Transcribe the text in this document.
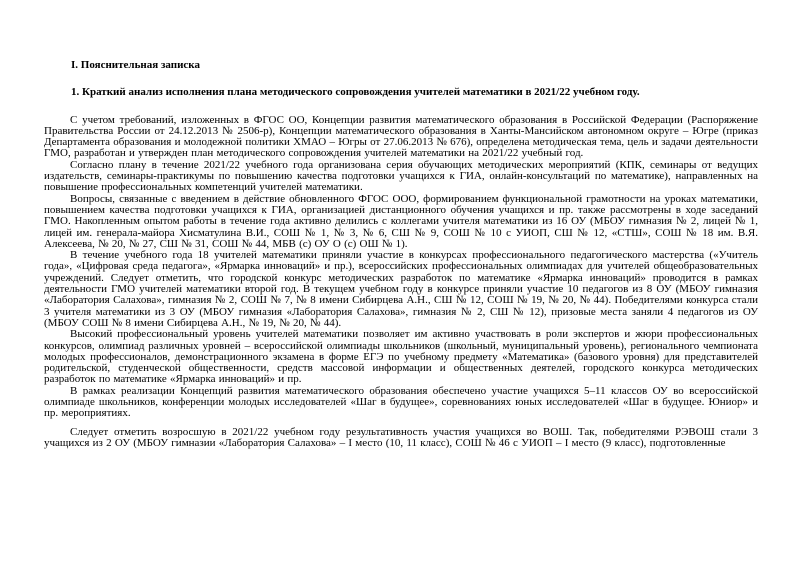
I. Пояснительная записка

1. Краткий анализ исполнения плана методического сопровождения учителей математики в 2021/22 учебном году.

С учетом требований, изложенных в ФГОС ОО, Концепции развития математического образования в Российской Федерации (Распоряжение Правительства России от 24.12.2013 № 2506-р), Концепции математического образования в Ханты-Мансийском автономном округе – Югре (приказ Департамента образования и молодежной политики ХМАО – Югры от 27.06.2013 № 676), определена методическая тема, цель и задачи деятельности ГМО, разработан и утвержден план методического сопровождения учителей математики на 2021/22 учебный год.

Согласно плану в течение 2021/22 учебного года организована серия обучающих методических мероприятий (КПК, семинары от ведущих издательств, семинары-практикумы по повышению качества подготовки учащихся к ГИА, онлайн-консультаций по математике), направленных на повышение профессиональных компетенций учителей математики.

Вопросы, связанные с введением в действие обновленного ФГОС ООО, формированием функциональной грамотности на уроках математики, повышением качества подготовки учащихся к ГИА, организацией дистанционного обучения учащихся и пр. также рассмотрены в ходе заседаний ГМО. Накопленным опытом работы в течение года активно делились с коллегами учителя математики из 16 ОУ (МБОУ гимназия № 2, лицей № 1, лицей им. генерала-майора Хисматулина В.И., СОШ № 1, № 3, № 6, СШ № 9, СОШ № 10 с УИОП, СШ № 12, «СТШ», СОШ № 18 им. В.Я. Алексеева, № 20, № 27, СШ № 31, СОШ № 44, МБВ (с) ОУ О (с) ОШ № 1).

В течение учебного года 18 учителей математики приняли участие в конкурсах профессионального педагогического мастерства («Учитель года», «Цифровая среда педагога», «Ярмарка инноваций» и пр.), всероссийских профессиональных олимпиадах для учителей общеобразовательных учреждений. Следует отметить, что городской конкурс методических разработок по математике «Ярмарка инноваций» проводится в рамках деятельности ГМО учителей математики второй год. В текущем учебном году в конкурсе приняли участие 10 педагогов из 8 ОУ (МБОУ гимназия «Лаборатория Салахова», гимназия № 2, СОШ № 7, № 8 имени Сибирцева А.Н., СШ № 12, СОШ № 19, № 20, № 44). Победителями конкурса стали 3 учителя математики из 3 ОУ (МБОУ гимназия «Лаборатория Салахова», гимназия № 2, СШ № 12), призовые места заняли 4 педагогов из ОУ (МБОУ СОШ № 8 имени Сибирцева А.Н., № 19, № 20, № 44).

Высокий профессиональный уровень учителей математики позволяет им активно участвовать в роли экспертов и жюри профессиональных конкурсов, олимпиад различных уровней – всероссийской олимпиады школьников (школьный, муниципальный уровень), регионального чемпионата молодых профессионалов, демонстрационного экзамена в форме ЕГЭ по учебному предмету «Математика» (базового уровня) для представителей родительской, студенческой общественности, средств массовой информации и общественных деятелей, городского конкурса методических разработок по математике «Ярмарка инноваций» и пр.

В рамках реализации Концепций развития математического образования обеспечено участие учащихся 5–11 классов ОУ во всероссийской олимпиаде школьников, конференции молодых исследователей «Шаг в будущее», соревнованиях юных исследователей «Шаг в будущее. Юниор» и пр. мероприятиях.

Следует отметить возросшую в 2021/22 учебном году результативность участия учащихся во ВОШ. Так, победителями РЭВОШ стали 3 учащихся из 2 ОУ (МБОУ гимназии «Лаборатория Салахова» – I место (10, 11 класс), СОШ № 46 с УИОП – I место (9 класс), подготовленные
